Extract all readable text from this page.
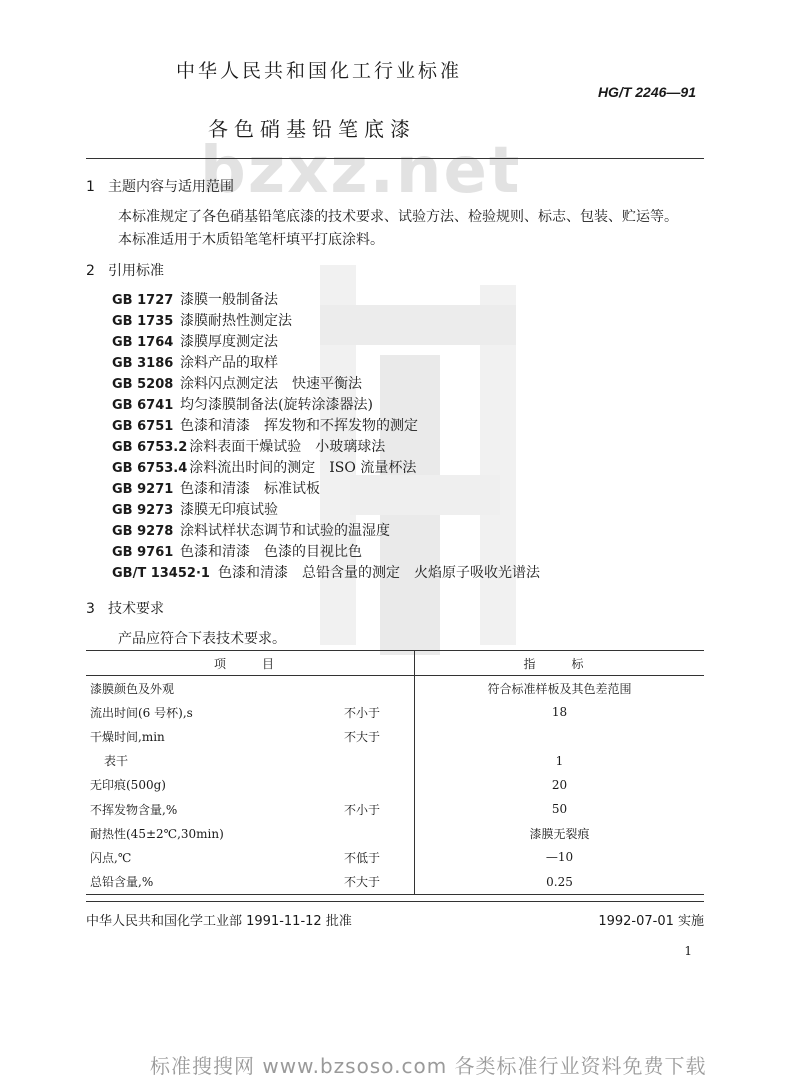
bzxz.net
中华人民共和国化工行业标准
HG/T 2246—91
各色硝基铅笔底漆
1 主题内容与适用范围
本标准规定了各色硝基铅笔底漆的技术要求、试验方法、检验规则、标志、包装、贮运等。
本标准适用于木质铅笔笔杆填平打底涂料。
2 引用标准
GB 1727 漆膜一般制备法
GB 1735 漆膜耐热性测定法
GB 1764 漆膜厚度测定法
GB 3186 涂料产品的取样
GB 5208 涂料闪点测定法　快速平衡法
GB 6741 均匀漆膜制备法(旋转涂漆器法)
GB 6751 色漆和清漆　挥发物和不挥发物的测定
GB 6753.2 涂料表面干燥试验　小玻璃球法
GB 6753.4 涂料流出时间的测定　ISO 流量杯法
GB 9271 色漆和清漆　标准试板
GB 9273 漆膜无印痕试验
GB 9278 涂料试样状态调节和试验的温湿度
GB 9761 色漆和清漆　色漆的目视比色
GB/T 13452·1 色漆和清漆　总铅含量的测定　火焰原子吸收光谱法
3 技术要求
产品应符合下表技术要求。
项　目		指　标
漆膜颜色及外观		符合标准样板及其色差范围
流出时间(6 号杯),s	不小于	18
干燥时间,min	不大于	
表干		1
无印痕(500g)		20
不挥发物含量,%	不小于	50
耐热性(45±2℃,30min)		漆膜无裂痕
闪点,℃	不低于	—10
总铅含量,%	不大于	0.25
中华人民共和国化学工业部 1991-11-12 批准	1992-07-01 实施
1
标准搜搜网 www.bzsoso.com 各类标准行业资料免费下载
